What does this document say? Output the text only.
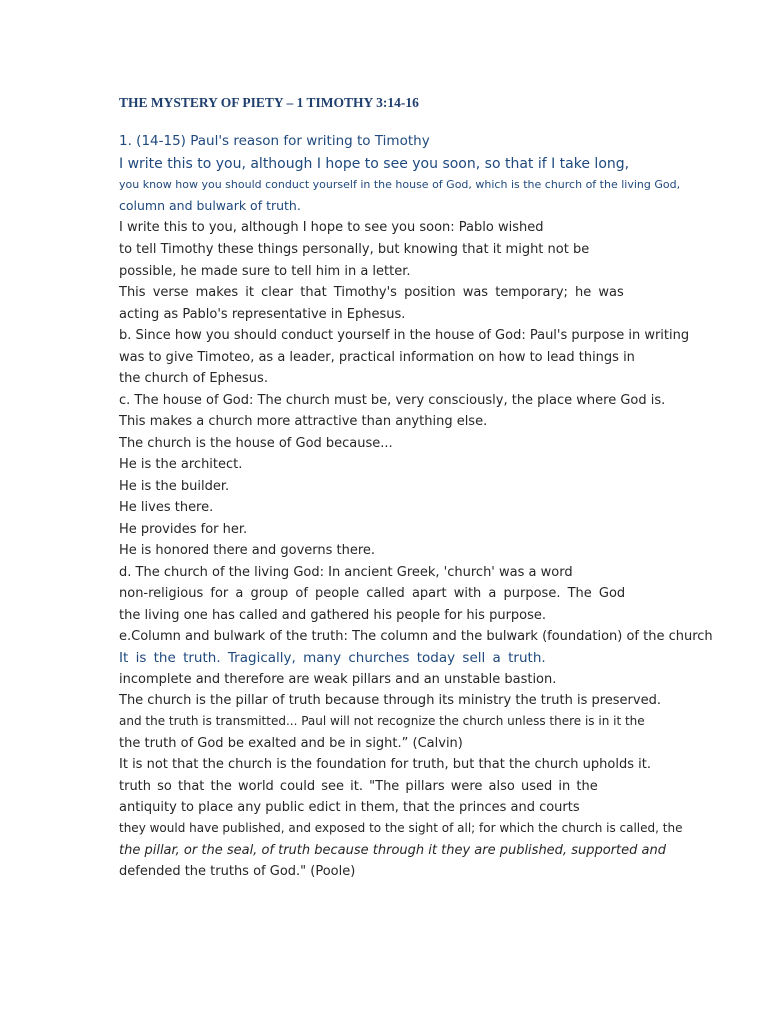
THE MYSTERY OF PIETY – 1 TIMOTHY 3:14-16
1. (14-15) Paul's reason for writing to Timothy
I write this to you, although I hope to see you soon, so that if I take long,
you know how you should conduct yourself in the house of God, which is the church of the living God,
column and bulwark of truth.
I write this to you, although I hope to see you soon: Pablo wished
to tell Timothy these things personally, but knowing that it might not be
possible, he made sure to tell him in a letter.
This verse makes it clear that Timothy's position was temporary; he was
acting as Pablo's representative in Ephesus.
b. Since how you should conduct yourself in the house of God: Paul's purpose in writing
was to give Timoteo, as a leader, practical information on how to lead things in
the church of Ephesus.
c. The house of God: The church must be, very consciously, the place where God is.
This makes a church more attractive than anything else.
The church is the house of God because...
He is the architect.
He is the builder.
He lives there.
He provides for her.
He is honored there and governs there.
d. The church of the living God: In ancient Greek, 'church' was a word
non-religious for a group of people called apart with a purpose. The God
the living one has called and gathered his people for his purpose.
e.Column and bulwark of the truth: The column and the bulwark (foundation) of the church
It is the truth. Tragically, many churches today sell a truth.
incomplete and therefore are weak pillars and an unstable bastion.
The church is the pillar of truth because through its ministry the truth is preserved.
and the truth is transmitted... Paul will not recognize the church unless there is in it the
the truth of God be exalted and be in sight.” (Calvin)
It is not that the church is the foundation for truth, but that the church upholds it.
truth so that the world could see it. "The pillars were also used in the
antiquity to place any public edict in them, that the princes and courts
they would have published, and exposed to the sight of all; for which the church is called, the
the pillar, or the seal, of truth because through it they are published, supported and
defended the truths of God." (Poole)
